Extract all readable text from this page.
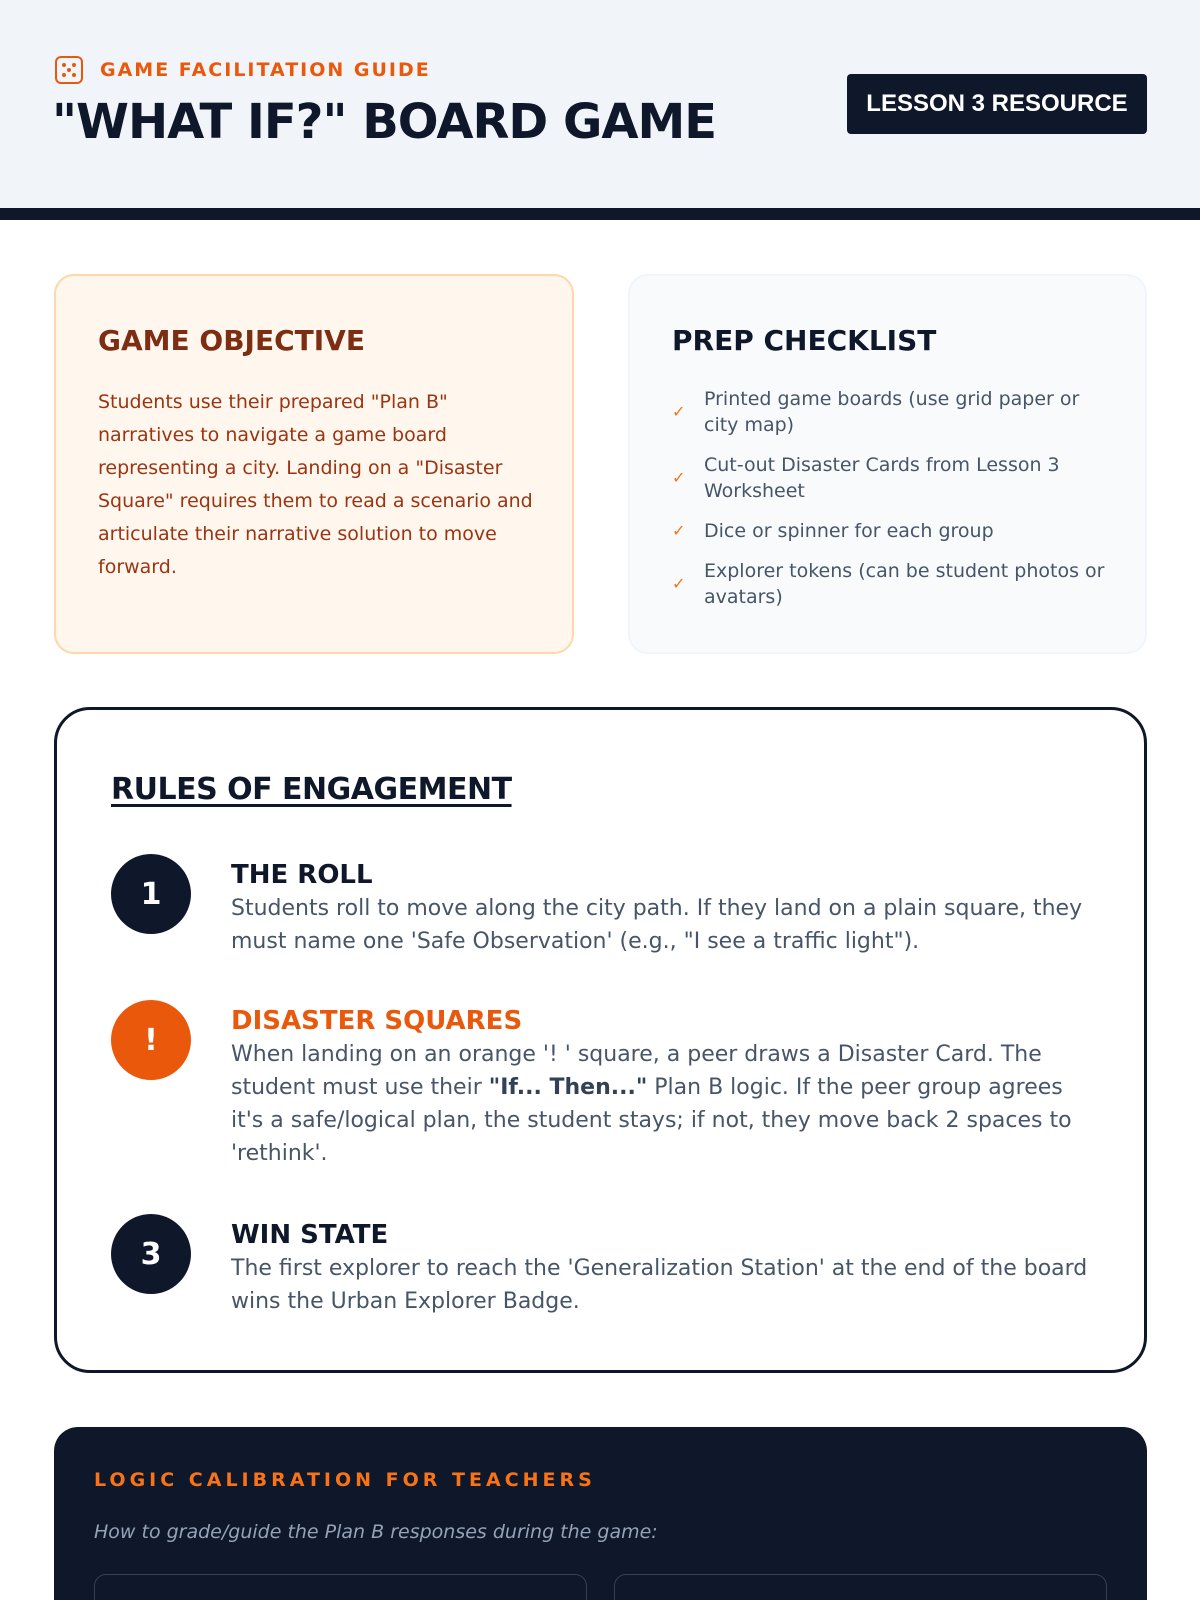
GAME FACILITATION GUIDE
"WHAT IF?" BOARD GAME	LESSON 3 RESOURCE
GAME OBJECTIVE
Students use their prepared "Plan B" narratives to navigate a game board representing a city. Landing on a "Disaster Square" requires them to read a scenario and articulate their narrative solution to move forward.
PREP CHECKLIST
✓
Printed game boards (use grid paper or city map)
✓
Cut-out Disaster Cards from Lesson 3 Worksheet
✓ Dice or spinner for each group
✓
Explorer tokens (can be student photos or avatars)
RULES OF ENGAGEMENT
1
THE ROLL
Students roll to move along the city path. If they land on a plain square, they must name one 'Safe Observation' (e.g., "I see a traffic light").
!
DISASTER SQUARES
When landing on an orange '! ' square, a peer draws a Disaster Card. The student must use their "If... Then..." Plan B logic. If the peer group agrees it's a safe/logical plan, the student stays; if not, they move back 2 spaces to 'rethink'.
3
WIN STATE
The first explorer to reach the 'Generalization Station' at the end of the board wins the Urban Explorer Badge.
LOGIC CALIBRATION FOR TEACHERS
How to grade/guide the Plan B responses during the game:
